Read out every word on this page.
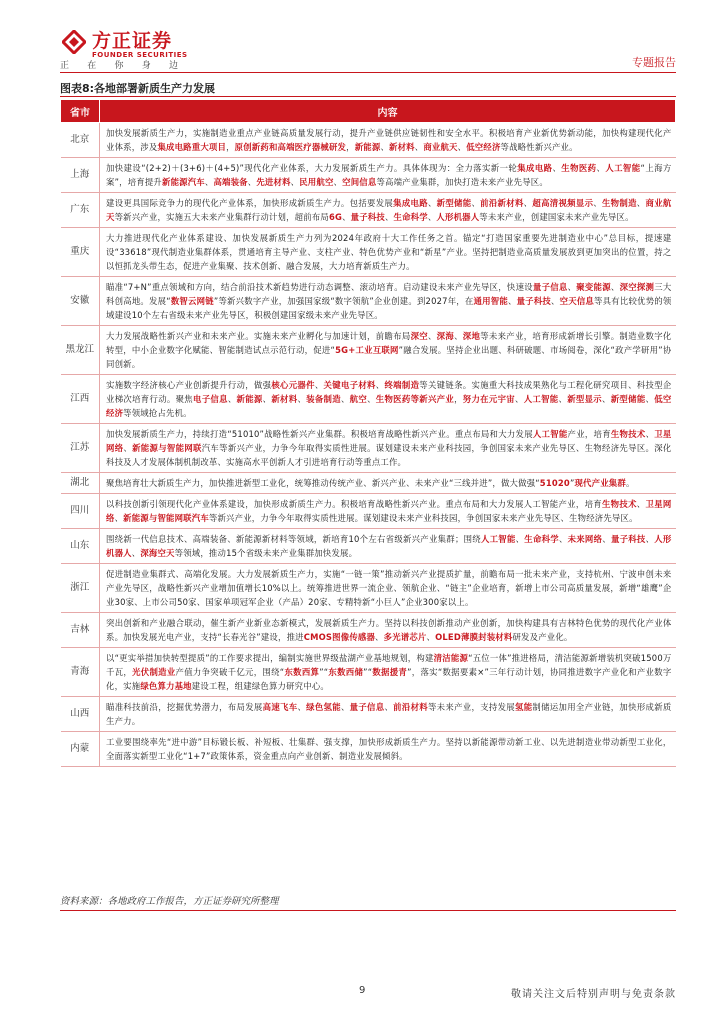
方正证券
FOUNDER SECURITIES
正 在 你 身 边	专题报告
图表8:各地部署新质生产力发展
省市	内容
北京	加快发展新质生产力，实施制造业重点产业链高质量发展行动，提升产业链供应链韧性和安全水平。积极培育产业新优势新动能，加快构建现代化产业体系，涉及集成电路重大项目，原创新药和高端医疗器械研发，新能源、新材料、商业航天、低空经济等战略性新兴产业。
上海	加快建设“(2+2)＋(3+6)＋(4+5)”现代化产业体系，大力发展新质生产力。具体体现为：全力落实新一轮集成电路、生物医药、人工智能“上海方案”，培育提升新能源汽车、高端装备、先进材料、民用航空、空间信息等高端产业集群，加快打造未来产业先导区。
广东	建设更具国际竞争力的现代化产业体系，加快形成新质生产力。包括要发展集成电路、新型储能、前沿新材料、超高清视频显示、生物制造、商业航天等新兴产业，实施五大未来产业集群行动计划，超前布局6G、量子科技、生命科学、人形机器人等未来产业，创建国家未来产业先导区。
重庆	大力推进现代化产业体系建设、加快发展新质生产力列为2024年政府十大工作任务之首。锚定“打造国家重要先进制造业中心”总目标，提速建设“33618”现代制造业集群体系，贯通培育主导产业、支柱产业、特色优势产业和“新星”产业。坚持把制造业高质量发展放到更加突出的位置，持之以恒抓龙头带生态，促进产业集聚、技术创新、融合发展，大力培育新质生产力。
安徽	瞄准“7+N”重点领域和方向，结合前沿技术新趋势进行动态调整、滚动培育。启动建设未来产业先导区，快速设量子信息、聚变能源、深空探测三大科创高地。发展“数智云网链”等新兴数字产业，加强国家级“数字领航”企业创建。到2027年，在通用智能、量子科技、空天信息等具有比较优势的领域建设10个左右省级未来产业先导区，积极创建国家级未来产业先导区。
黑龙江	大力发展战略性新兴产业和未来产业。实施未来产业孵化与加速计划，前瞻布局深空、深海、深地等未来产业，培育形成新增长引擎。制造业数字化转型，中小企业数字化赋能、智能制造试点示范行动，促进“5G+工业互联网”融合发展。坚持企业出题、科研破题、市场阅卷，深化“政产学研用”协同创新。
江西	实施数字经济核心产业创新提升行动，做强核心元器件、关键电子材料、终端制造等关键链条。实施重大科技成果熟化与工程化研究项目、科技型企业梯次培育行动。聚焦电子信息、新能源、新材料、装备制造、航空、生物医药等新兴产业，努力在元宇宙、人工智能、新型显示、新型储能、低空经济等领域抢占先机。
江苏	加快发展新质生产力，持续打造“51010”战略性新兴产业集群。积极培育战略性新兴产业。重点布局和大力发展人工智能产业，培育生物技术、卫星网络、新能源与智能网联汽车等新兴产业，力争今年取得实质性进展。谋划建设未来产业科技园，争创国家未来产业先导区、生物经济先导区。深化科技及人才发展体制机制改革、实施高水平创新人才引进培育行动等重点工作。
湖北	聚焦培育壮大新质生产力，加快推进新型工业化，统筹推动传统产业、新兴产业、未来产业“三线并进”，做大做强“51020”现代产业集群。
四川	以科技创新引领现代化产业体系建设，加快形成新质生产力。积极培育战略性新兴产业。重点布局和大力发展人工智能产业，培育生物技术、卫星网络、新能源与智能网联汽车等新兴产业，力争今年取得实质性进展。谋划建设未来产业科技园，争创国家未来产业先导区、生物经济先导区。
山东	围绕新一代信息技术、高端装备、新能源新材料等领域，新培育10个左右省级新兴产业集群；围绕人工智能、生命科学、未来网络、量子科技、人形机器人、深海空天等领域，推动15个省级未来产业集群加快发展。
浙江	促进制造业集群式、高端化发展。大力发展新质生产力，实施“一链一策”推动新兴产业提质扩量，前瞻布局一批未来产业，支持杭州、宁波申创未来产业先导区，战略性新兴产业增加值增长10%以上。统筹推进世界一流企业、领航企业、“链主”企业培育，新增上市公司高质量发展，新增“雄鹰”企业30家、上市公司50家、国家单项冠军企业（产品）20家、专精特新“小巨人”企业300家以上。
吉林	突出创新和产业融合联动，催生新产业新业态新模式，发展新质生产力。坚持以科技创新推动产业创新，加快构建具有吉林特色优势的现代化产业体系。加快发展光电产业，支持“长春光谷”建设，推进CMOS图像传感器、多光谱芯片、OLED薄膜封装材料研发及产业化。
青海	以“更实举措加快转型提质”的工作要求提出，编制实施世界级盐湖产业基地规划，构建清洁能源“五位一体”推进格局，清洁能源新增装机突破1500万千瓦，光伏制造业产值力争突破千亿元，围绕“东数西算”“东数西储”“数据援青”，落实“数据要素×”三年行动计划，协同推进数字产业化和产业数字化，实施绿色算力基地建设工程，组建绿色算力研究中心。
山西	瞄准科技前沿，挖掘优势潜力，布局发展高速飞车、绿色氢能、量子信息、前沿材料等未来产业，支持发展氢能制储运加用全产业链，加快形成新质生产力。
内蒙	工业要围绕率先“进中游”目标锻长板、补短板、壮集群、强支撑，加快形成新质生产力。坚持以新能源带动新工业、以先进制造业带动新型工业化，全面落实新型工业化“1+7”政策体系，资金重点向产业创新、制造业发展倾斜。
资料来源：各地政府工作报告，方正证券研究所整理
9	敬请关注文后特别声明与免责条款
